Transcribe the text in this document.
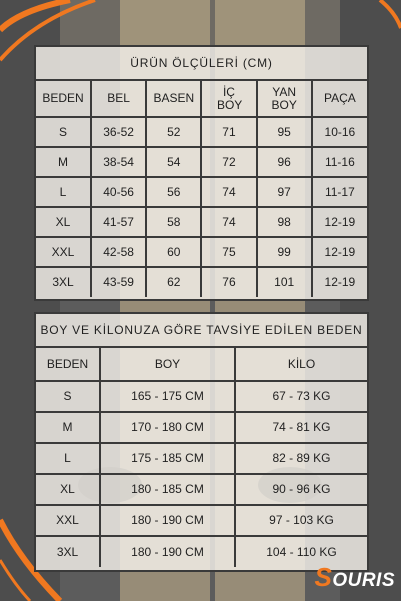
ÜRÜN ÖLÇÜLERİ (CM)
BEDEN	BEL	BASEN	İÇ BOY	YAN BOY	PAÇA
S	36-52	52	71	95	10-16
M	38-54	54	72	96	11-16
L	40-56	56	74	97	11-17
XL	41-57	58	74	98	12-19
XXL	42-58	60	75	99	12-19
3XL	43-59	62	76	101	12-19
BOY VE KİLONUZA GÖRE TAVSİYE EDİLEN BEDEN
BEDEN	BOY	KİLO
S	165 - 175 CM	67 - 73 KG
M	170 - 180 CM	74 - 81 KG
L	175 - 185 CM	82 - 89 KG
XL	180 - 185 CM	90 - 96 KG
XXL	180 - 190 CM	97 - 103 KG
3XL	180 - 190 CM	104 - 110 KG
SOURIS
